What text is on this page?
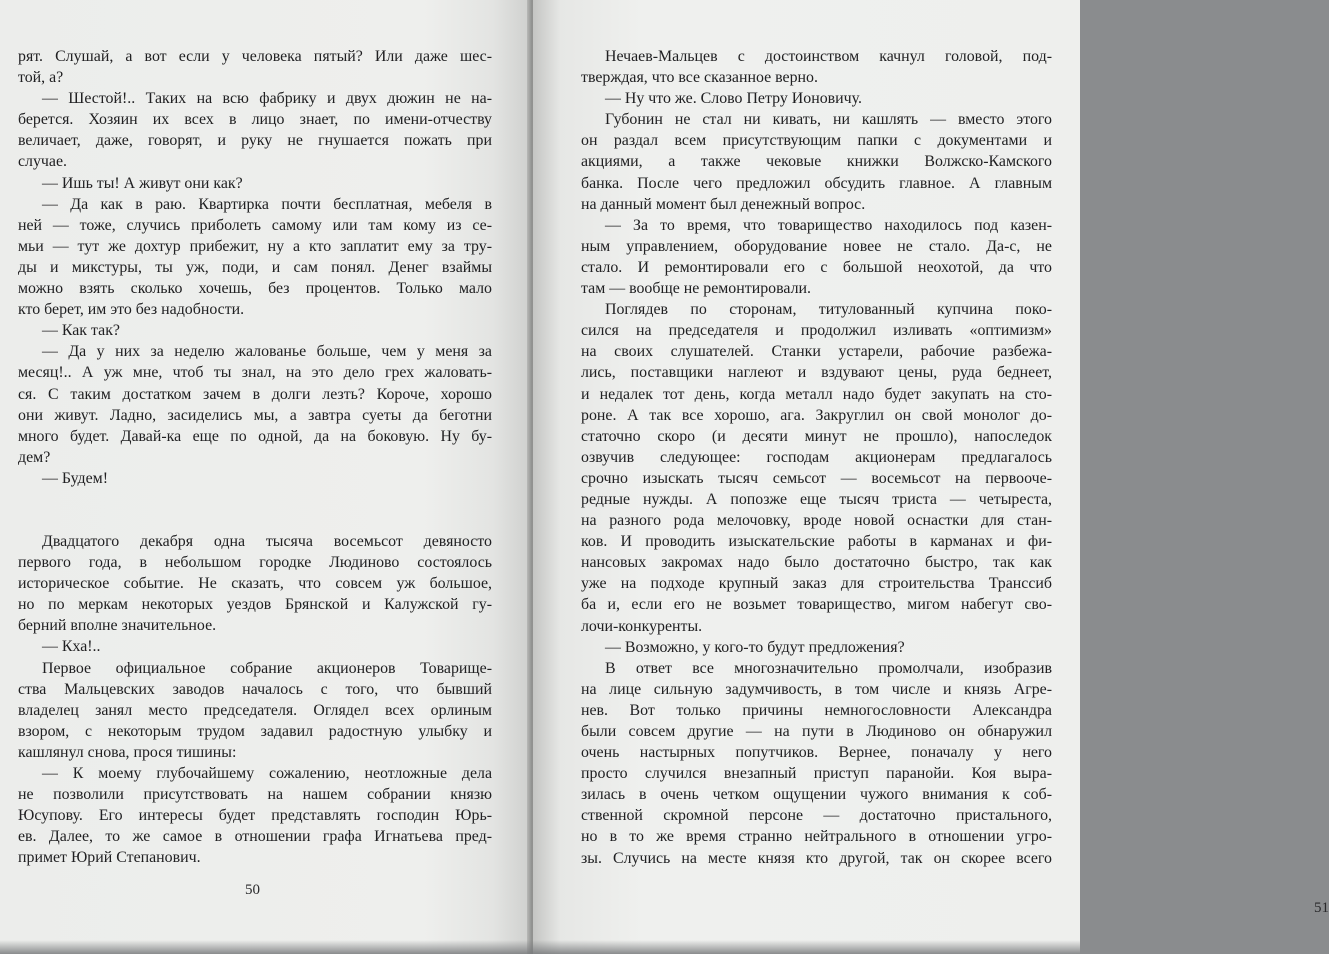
рят. Слушай, а вот если у человека пятый? Или даже шес-
той, а?
— Шестой!.. Таких на всю фабрику и двух дюжин не на-
берется. Хозяин их всех в лицо знает, по имени-отчеству
величает, даже, говорят, и руку не гнушается пожать при
случае.
— Ишь ты! А живут они как?
— Да как в раю. Квартирка почти бесплатная, мебеля в
ней — тоже, случись приболеть самому или там кому из се-
мьи — тут же дохтур прибежит, ну а кто заплатит ему за тру-
ды и микстуры, ты уж, поди, и сам понял. Денег взаймы
можно взять сколько хочешь, без процентов. Только мало
кто берет, им это без надобности.
— Как так?
— Да у них за неделю жалованье больше, чем у меня за
месяц!.. А уж мне, чтоб ты знал, на это дело грех жаловать-
ся. С таким достатком зачем в долги лезть? Короче, хорошо
они живут. Ладно, засиделись мы, а завтра суеты да беготни
много будет. Давай-ка еще по одной, да на боковую. Ну бу-
дем?
— Будем!
Двадцатого декабря одна тысяча восемьсот девяносто
первого года, в небольшом городке Людиново состоялось
историческое событие. Не сказать, что совсем уж большое,
но по меркам некоторых уездов Брянской и Калужской гу-
берний вполне значительное.
— Кха!..
Первое официальное собрание акционеров Товарище-
ства Мальцевских заводов началось с того, что бывший
владелец занял место председателя. Оглядел всех орлиным
взором, с некоторым трудом задавил радостную улыбку и
кашлянул снова, прося тишины:
— К моему глубочайшему сожалению, неотложные дела
не позволили присутствовать на нашем собрании князю
Юсупову. Его интересы будет представлять господин Юрь-
ев. Далее, то же самое в отношении графа Игнатьева пред-
примет Юрий Степанович.
50
Нечаев-Мальцев с достоинством качнул головой, под-
тверждая, что все сказанное верно.
— Ну что же. Слово Петру Ионовичу.
Губонин не стал ни кивать, ни кашлять — вместо этого
он раздал всем присутствующим папки с документами и
акциями, а также чековые книжки Волжско-Камского
банка. После чего предложил обсудить главное. А главным
на данный момент был денежный вопрос.
— За то время, что товарищество находилось под казен-
ным управлением, оборудование новее не стало. Да-с, не
стало. И ремонтировали его с большой неохотой, да что
там — вообще не ремонтировали.
Поглядев по сторонам, титулованный купчина поко-
сился на председателя и продолжил изливать «оптимизм»
на своих слушателей. Станки устарели, рабочие разбежа-
лись, поставщики наглеют и вздувают цены, руда беднеет,
и недалек тот день, когда металл надо будет закупать на сто-
роне. А так все хорошо, ага. Закруглил он свой монолог до-
статочно скоро (и десяти минут не прошло), напоследок
озвучив следующее: господам акционерам предлагалось
срочно изыскать тысяч семьсот — восемьсот на первооче-
редные нужды. А попозже еще тысяч триста — четыреста,
на разного рода мелочовку, вроде новой оснастки для стан-
ков. И проводить изыскательские работы в карманах и фи-
нансовых закромах надо было достаточно быстро, так как
уже на подходе крупный заказ для строительства Транссиб
ба и, если его не возьмет товарищество, мигом набегут сво-
лочи-конкуренты.
— Возможно, у кого-то будут предложения?
В ответ все многозначительно промолчали, изобразив
на лице сильную задумчивость, в том числе и князь Агре-
нев. Вот только причины немногословности Александра
были совсем другие — на пути в Людиново он обнаружил
очень настырных попутчиков. Вернее, поначалу у него
просто случился внезапный приступ паранойи. Коя выра-
зилась в очень четком ощущении чужого внимания к соб-
ственной скромной персоне — достаточно пристального,
но в то же время странно нейтрального в отношении угро-
зы. Случись на месте князя кто другой, так он скорее всего
51
